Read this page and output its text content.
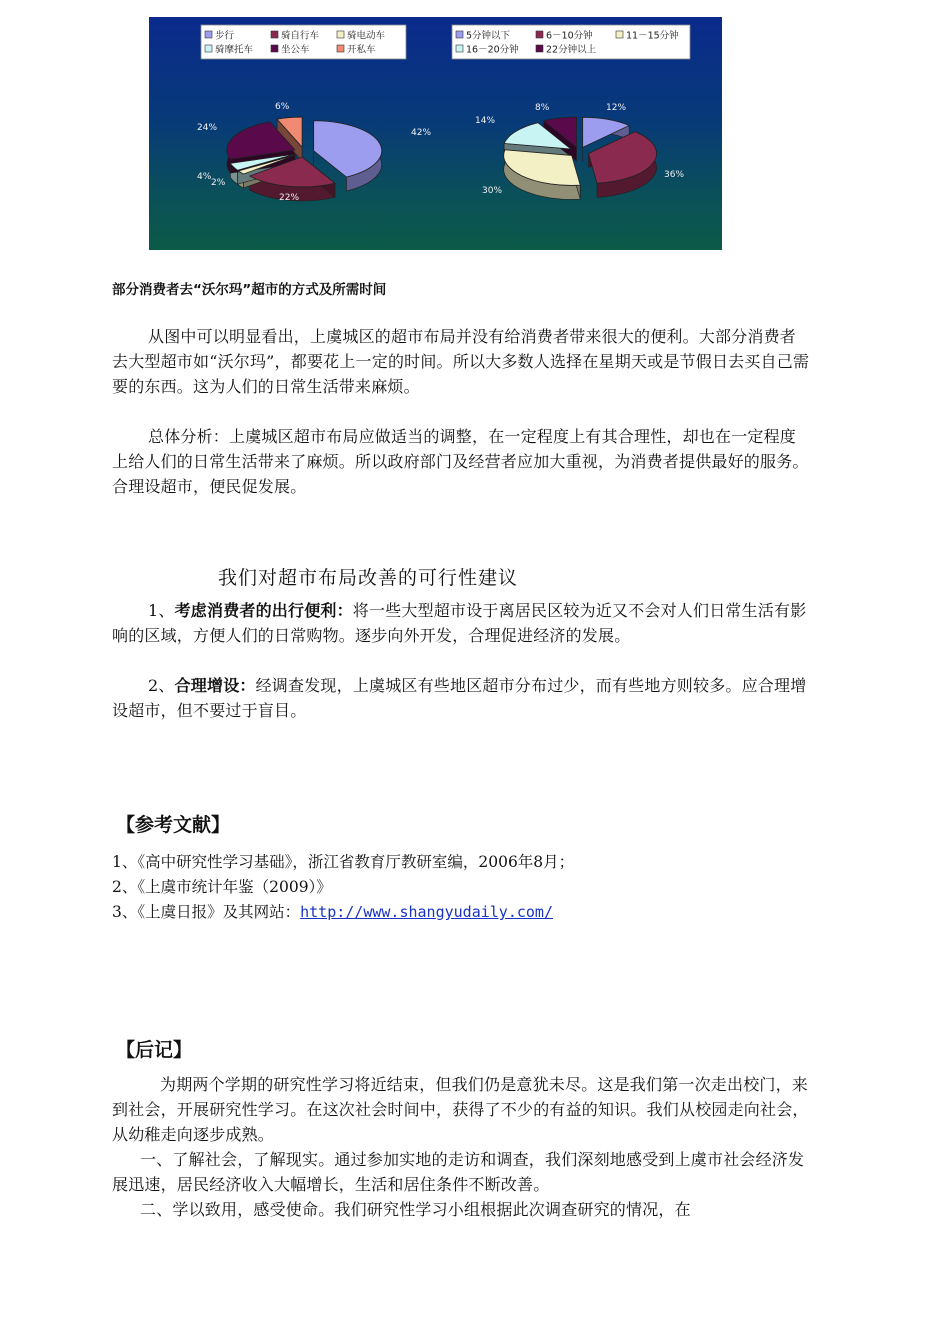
步行	骑自行车	骑电动车
骑摩托车	坐公车	开私车
42%
22%
2%
4%
24%
6%
5分钟以下	6－10分钟	11－15分钟
16－20分钟	22分钟以上
12%
36%
30%
14%
8%
部分消费者去“沃尔玛”超市的方式及所需时间

从图中可以明显看出，上虞城区的超市布局并没有给消费者带来很大的便利。大部分消费者去大型超市如“沃尔玛”，都要花上一定的时间。所以大多数人选择在星期天或是节假日去买自己需要的东西。这为人们的日常生活带来麻烦。

总体分析：上虞城区超市布局应做适当的调整，在一定程度上有其合理性，却也在一定程度上给人们的日常生活带来了麻烦。所以政府部门及经营者应加大重视，为消费者提供最好的服务。合理设超市，便民促发展。

我们对超市布局改善的可行性建议

1、考虑消费者的出行便利：将一些大型超市设于离居民区较为近又不会对人们日常生活有影响的区域，方便人们的日常购物。逐步向外开发，合理促进经济的发展。

2、合理增设：经调查发现，上虞城区有些地区超市分布过少，而有些地方则较多。应合理增设超市，但不要过于盲目。

【参考文献】
1、《高中研究性学习基础》，浙江省教育厅教研室编，2006年8月；
2、《上虞市统计年鉴（2009）》
3、《上虞日报》及其网站：http://www.shangyudaily.com/
【后记】

为期两个学期的研究性学习将近结束，但我们仍是意犹未尽。这是我们第一次走出校门，来到社会，开展研究性学习。在这次社会时间中，获得了不少的有益的知识。我们从校园走向社会，从幼稚走向逐步成熟。

一、了解社会，了解现实。通过参加实地的走访和调查，我们深刻地感受到上虞市社会经济发展迅速，居民经济收入大幅增长，生活和居住条件不断改善。

二、学以致用，感受使命。我们研究性学习小组根据此次调查研究的情况，在
